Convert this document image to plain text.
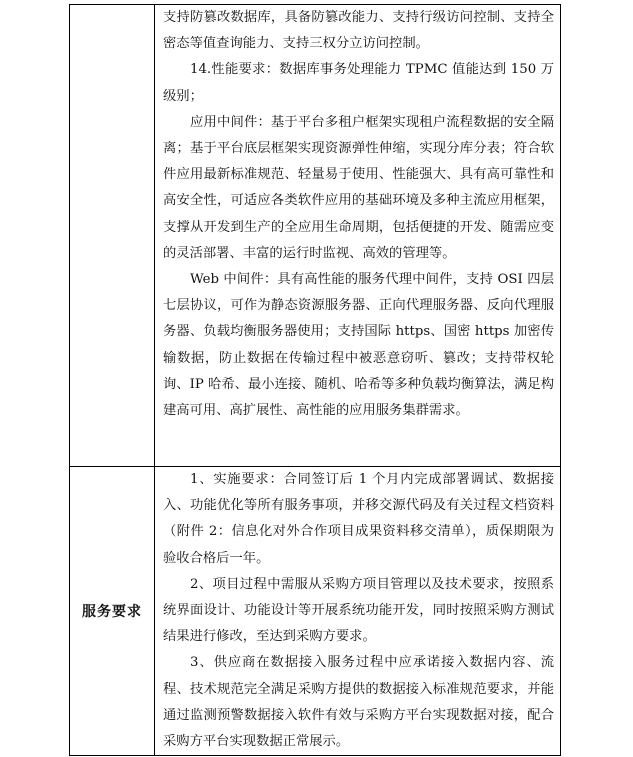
	支持防篡改数据库，具备防篡改能力、支持行级访问控制、支持全密态等值查询能力、支持三权分立访问控制。

14.性能要求：数据库事务处理能力 TPMC 值能达到 150 万级别；

应用中间件：基于平台多租户框架实现租户流程数据的安全隔离；基于平台底层框架实现资源弹性伸缩，实现分库分表；符合软件应用最新标准规范、轻量易于使用、性能强大、具有高可靠性和高安全性，可适应各类软件应用的基础环境及多种主流应用框架，支撑从开发到生产的全应用生命周期，包括便捷的开发、随需应变的灵活部署、丰富的运行时监视、高效的管理等。

Web 中间件：具有高性能的服务代理中间件，支持 OSI 四层七层协议，可作为静态资源服务器、正向代理服务器、反向代理服务器、负载均衡服务器使用；支持国际 https、国密 https 加密传输数据，防止数据在传输过程中被恶意窃听、篡改；支持带权轮询、IP 哈希、最小连接、随机、哈希等多种负载均衡算法，满足构建高可用、高扩展性、高性能的应用服务集群需求。

服务要求	1、实施要求：合同签订后 1 个月内完成部署调试、数据接入、功能优化等所有服务事项，并移交源代码及有关过程文档资料（附件 2：信息化对外合作项目成果资料移交清单），质保期限为验收合格后一年。

2、项目过程中需服从采购方项目管理以及技术要求，按照系统界面设计、功能设计等开展系统功能开发，同时按照采购方测试结果进行修改，至达到采购方要求。

3、供应商在数据接入服务过程中应承诺接入数据内容、流程、技术规范完全满足采购方提供的数据接入标准规范要求，并能通过监测预警数据接入软件有效与采购方平台实现数据对接，配合采购方平台实现数据正常展示。
